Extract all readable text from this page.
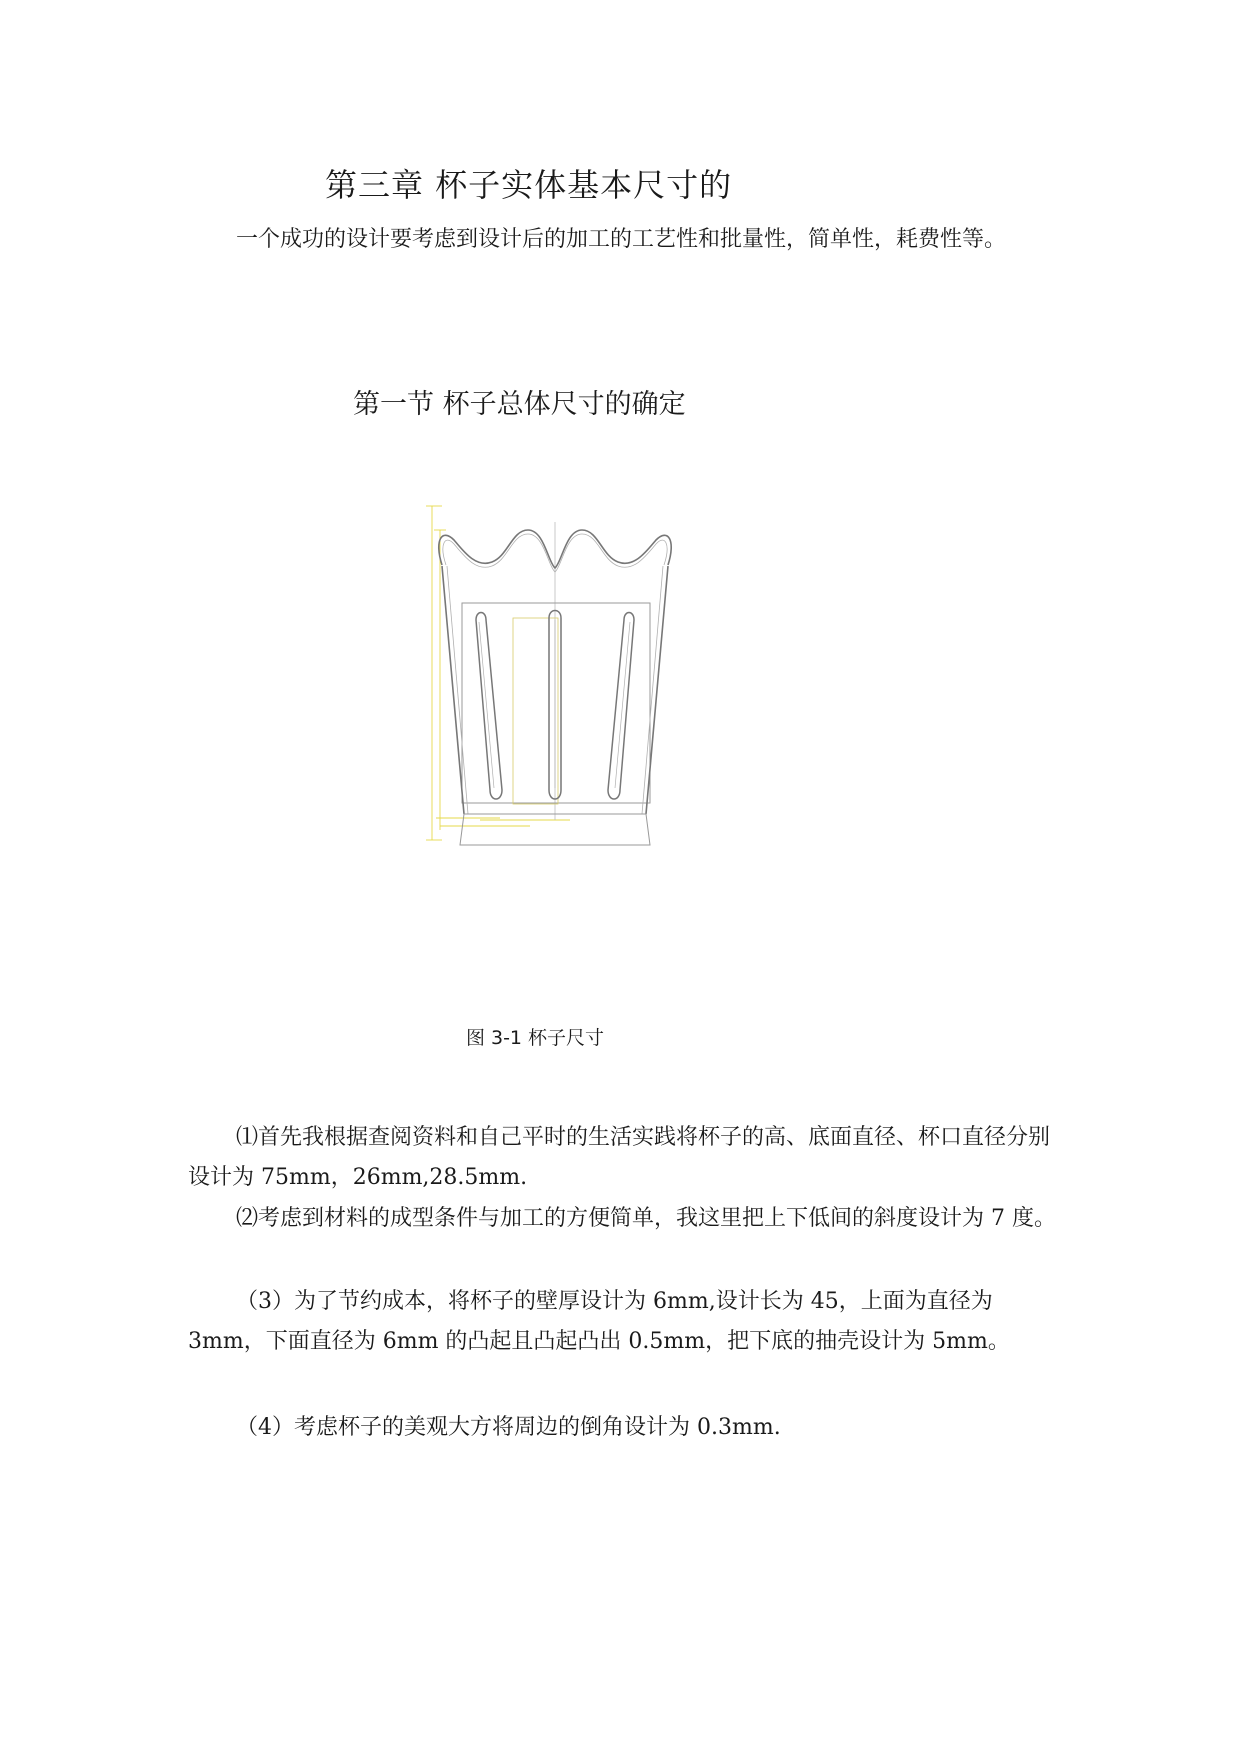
第三章 杯子实体基本尺寸的

一个成功的设计要考虑到设计后的加工的工艺性和批量性，简单性，耗费性等。

第一节 杯子总体尺寸的确定

图 3-1 杯子尺寸

⑴首先我根据查阅资料和自己平时的生活实践将杯子的高、底面直径、杯口直径分别设计为 75mm，26mm,28.5mm.

⑵考虑到材料的成型条件与加工的方便简单，我这里把上下低间的斜度设计为 7 度。

（3）为了节约成本，将杯子的壁厚设计为 6mm,设计长为 45，上面为直径为 3mm，下面直径为 6mm 的凸起且凸起凸出 0.5mm，把下底的抽壳设计为 5mm。

（4）考虑杯子的美观大方将周边的倒角设计为 0.3mm.
